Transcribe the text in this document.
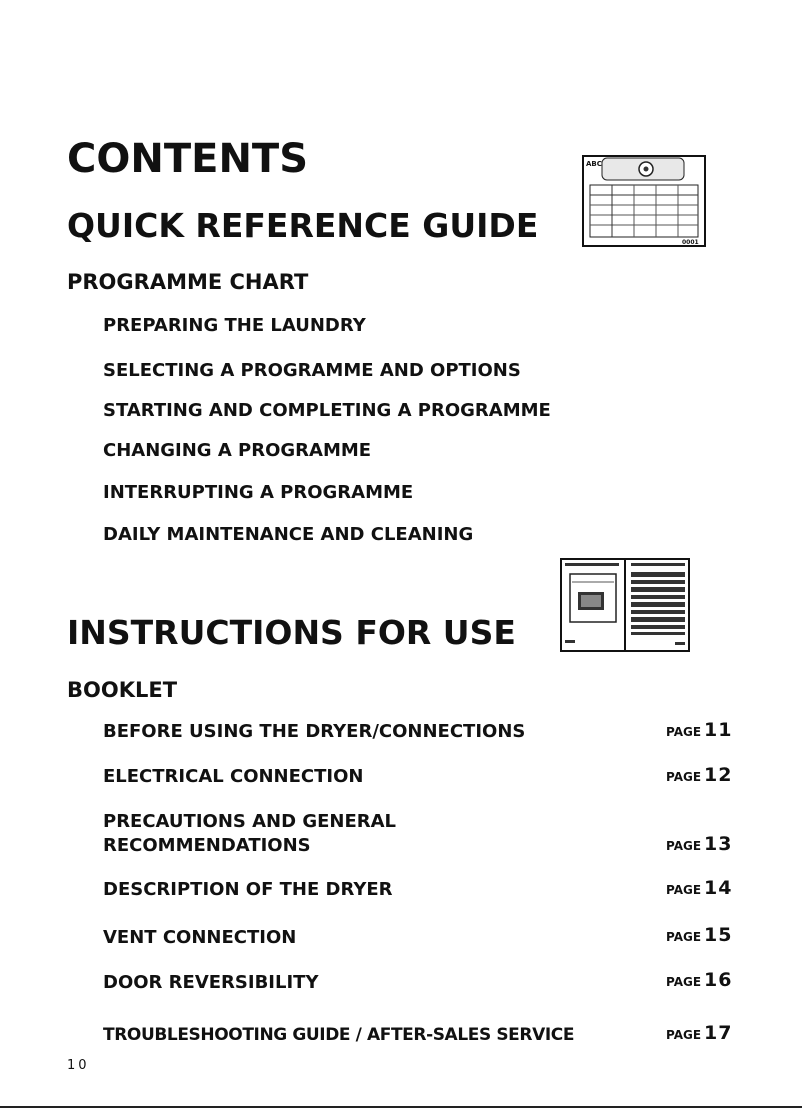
CONTENTS
QUICK REFERENCE GUIDE
PROGRAMME CHART
ABC
0001

PREPARING THE LAUNDRY

SELECTING A PROGRAMME AND OPTIONS

STARTING AND COMPLETING A PROGRAMME

CHANGING A PROGRAMME

INTERRUPTING A PROGRAMME

DAILY MAINTENANCE AND CLEANING

INSTRUCTIONS FOR USE
BOOKLET

BEFORE USING THE DRYER/CONNECTIONS	PAGE 11

ELECTRICAL CONNECTION	PAGE 12

PRECAUTIONS AND GENERAL

RECOMMENDATIONS	PAGE 13

DESCRIPTION OF THE DRYER	PAGE 14

VENT CONNECTION	PAGE 15

DOOR REVERSIBILITY	PAGE 16

TROUBLESHOOTING GUIDE / AFTER-SALES SERVICE	PAGE 17
10
